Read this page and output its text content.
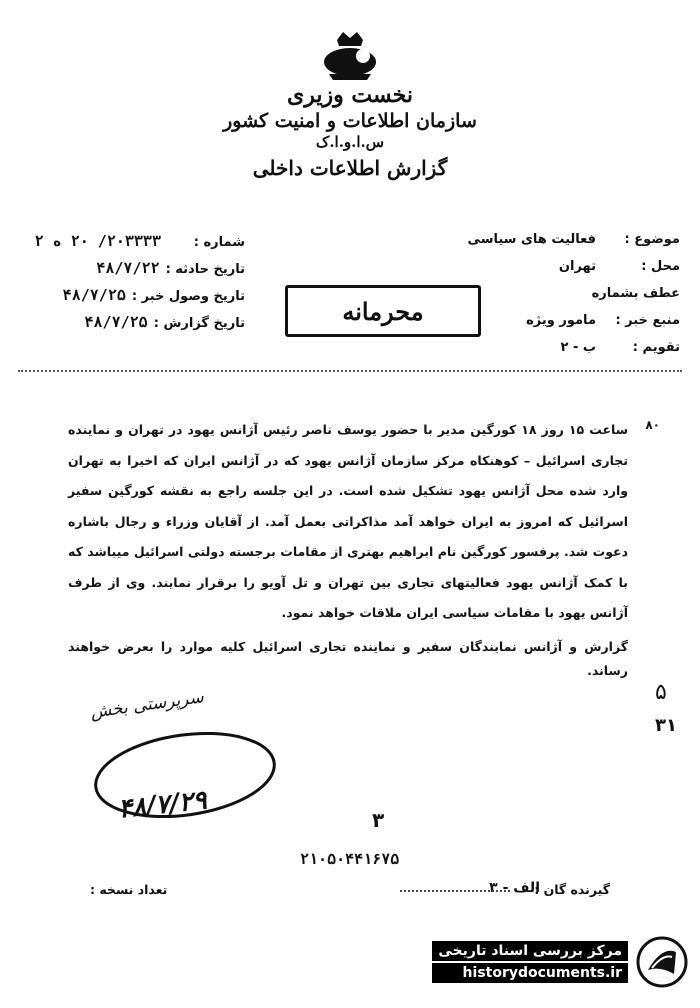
نخست وزیری
سازمان اطلاعات و امنیت کشور
س.ا.و.ا.ک
گزارش اطلاعات داخلی
موضوع :
فعالیت های سیاسی
محل :
تهران
عطف بشماره
منبع خبر :
مامور ویژه
تقویم :
ب - ۲
شماره :
۲۰۳۳۳۳/ ۲۰ ه ۲
تاریخ حادثه :
۴۸/۷/۲۲
تاریخ وصول خبر :
۴۸/۷/۲۵
تاریخ گزارش :
۴۸/۷/۲۵	محرمانه
۸۰

ساعت ۱۵ روز ۱۸ کورگین مدیر با حضور یوسف ناصر رئیس آژانس یهود در تهران و نماینده تجاری اسرائیل – کوهنکاه مرکز سازمان آژانس یهود که در آژانس ایران که اخیرا به تهران وارد شده محل آژانس یهود تشکیل شده است. در این جلسه راجع به نقشه کورگین سفیر اسرائیل که امروز به ایران خواهد آمد مذاکراتی بعمل آمد. از آقایان وزراء و رجال باشاره دعوت شد. پرفسور کورگین نام ابراهیم بهتری از مقامات برجسته دولتی اسرائیل میباشد که با کمک آژانس یهود فعالیتهای تجاری بین تهران و تل آویو را برقرار نمایند. وی از طرف آژانس یهود با مقامات سیاسی ایران ملاقات خواهد نمود.

گزارش و آژانس نمایندگان سفیر و نماینده تجاری اسرائیل کلیه موارد را بعرض خواهند رساند.

۵
۳۱
سرپرستی بخش
۴۸/۷/۲۹	۳
۲۱۰۵۰۴۴۱۶۷۵
گیرنده گان :
الف - ۳
تعداد نسخه :
مرکز بررسی اسناد تاریخی
historydocuments.ir
